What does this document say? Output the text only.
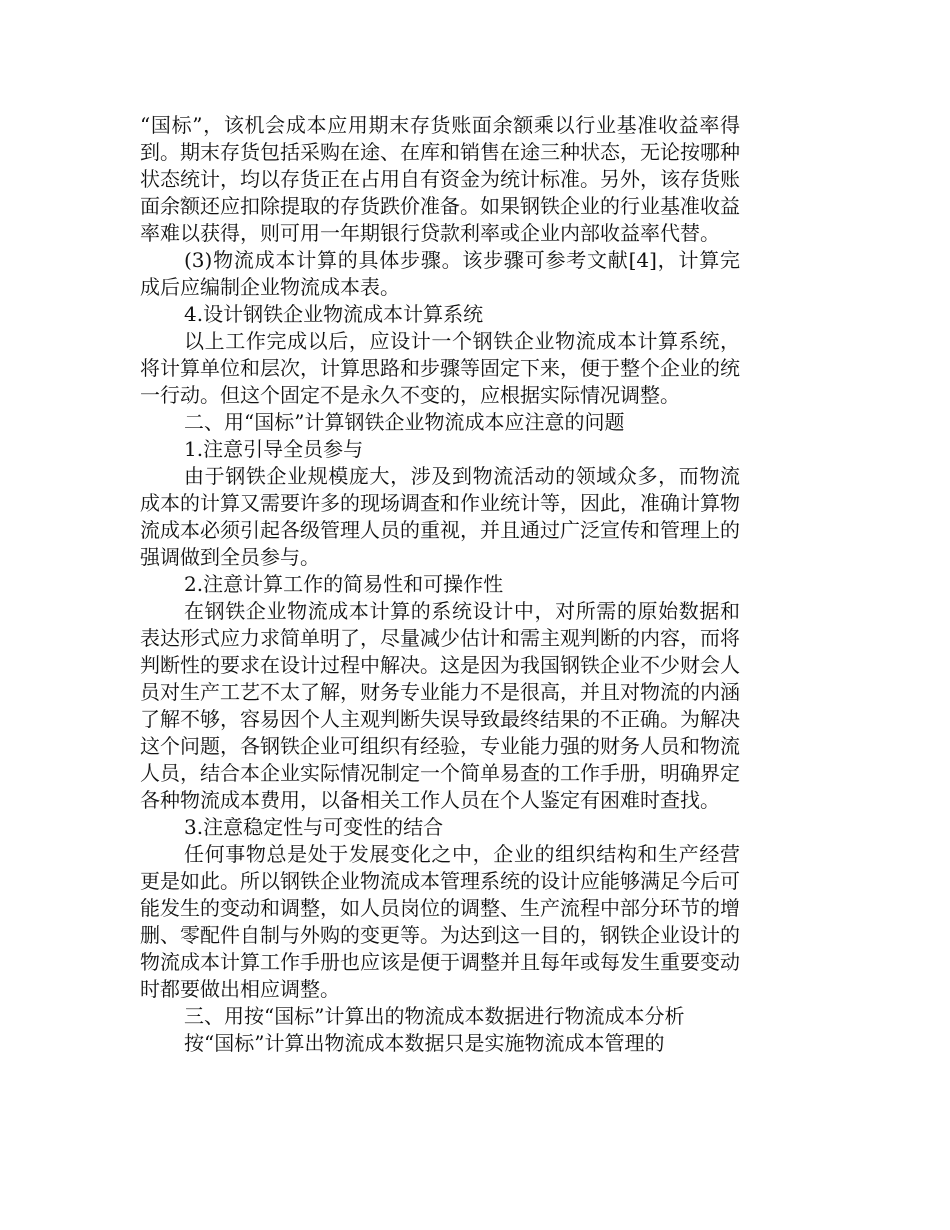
“国标”，该机会成本应用期末存货账面余额乘以行业基准收益率得到。期末存货包括采购在途、在库和销售在途三种状态，无论按哪种状态统计，均以存货正在占用自有资金为统计标准。另外，该存货账面余额还应扣除提取的存货跌价准备。如果钢铁企业的行业基准收益率难以获得，则可用一年期银行贷款利率或企业内部收益率代替。

(3)物流成本计算的具体步骤。该步骤可参考文献[4]，计算完成后应编制企业物流成本表。

4.设计钢铁企业物流成本计算系统

以上工作完成以后，应设计一个钢铁企业物流成本计算系统，将计算单位和层次，计算思路和步骤等固定下来，便于整个企业的统一行动。但这个固定不是永久不变的，应根据实际情况调整。

二、用“国标”计算钢铁企业物流成本应注意的问题

1.注意引导全员参与

由于钢铁企业规模庞大，涉及到物流活动的领域众多，而物流成本的计算又需要许多的现场调查和作业统计等，因此，准确计算物流成本必须引起各级管理人员的重视，并且通过广泛宣传和管理上的强调做到全员参与。

2.注意计算工作的简易性和可操作性

在钢铁企业物流成本计算的系统设计中，对所需的原始数据和表达形式应力求简单明了，尽量减少估计和需主观判断的内容，而将判断性的要求在设计过程中解决。这是因为我国钢铁企业不少财会人员对生产工艺不太了解，财务专业能力不是很高，并且对物流的内涵了解不够，容易因个人主观判断失误导致最终结果的不正确。为解决这个问题，各钢铁企业可组织有经验，专业能力强的财务人员和物流人员，结合本企业实际情况制定一个简单易查的工作手册，明确界定各种物流成本费用，以备相关工作人员在个人鉴定有困难时查找。

3.注意稳定性与可变性的结合

任何事物总是处于发展变化之中，企业的组织结构和生产经营更是如此。所以钢铁企业物流成本管理系统的设计应能够满足今后可能发生的变动和调整，如人员岗位的调整、生产流程中部分环节的增删、零配件自制与外购的变更等。为达到这一目的，钢铁企业设计的物流成本计算工作手册也应该是便于调整并且每年或每发生重要变动时都要做出相应调整。

三、用按“国标”计算出的物流成本数据进行物流成本分析

按“国标”计算出物流成本数据只是实施物流成本管理的
